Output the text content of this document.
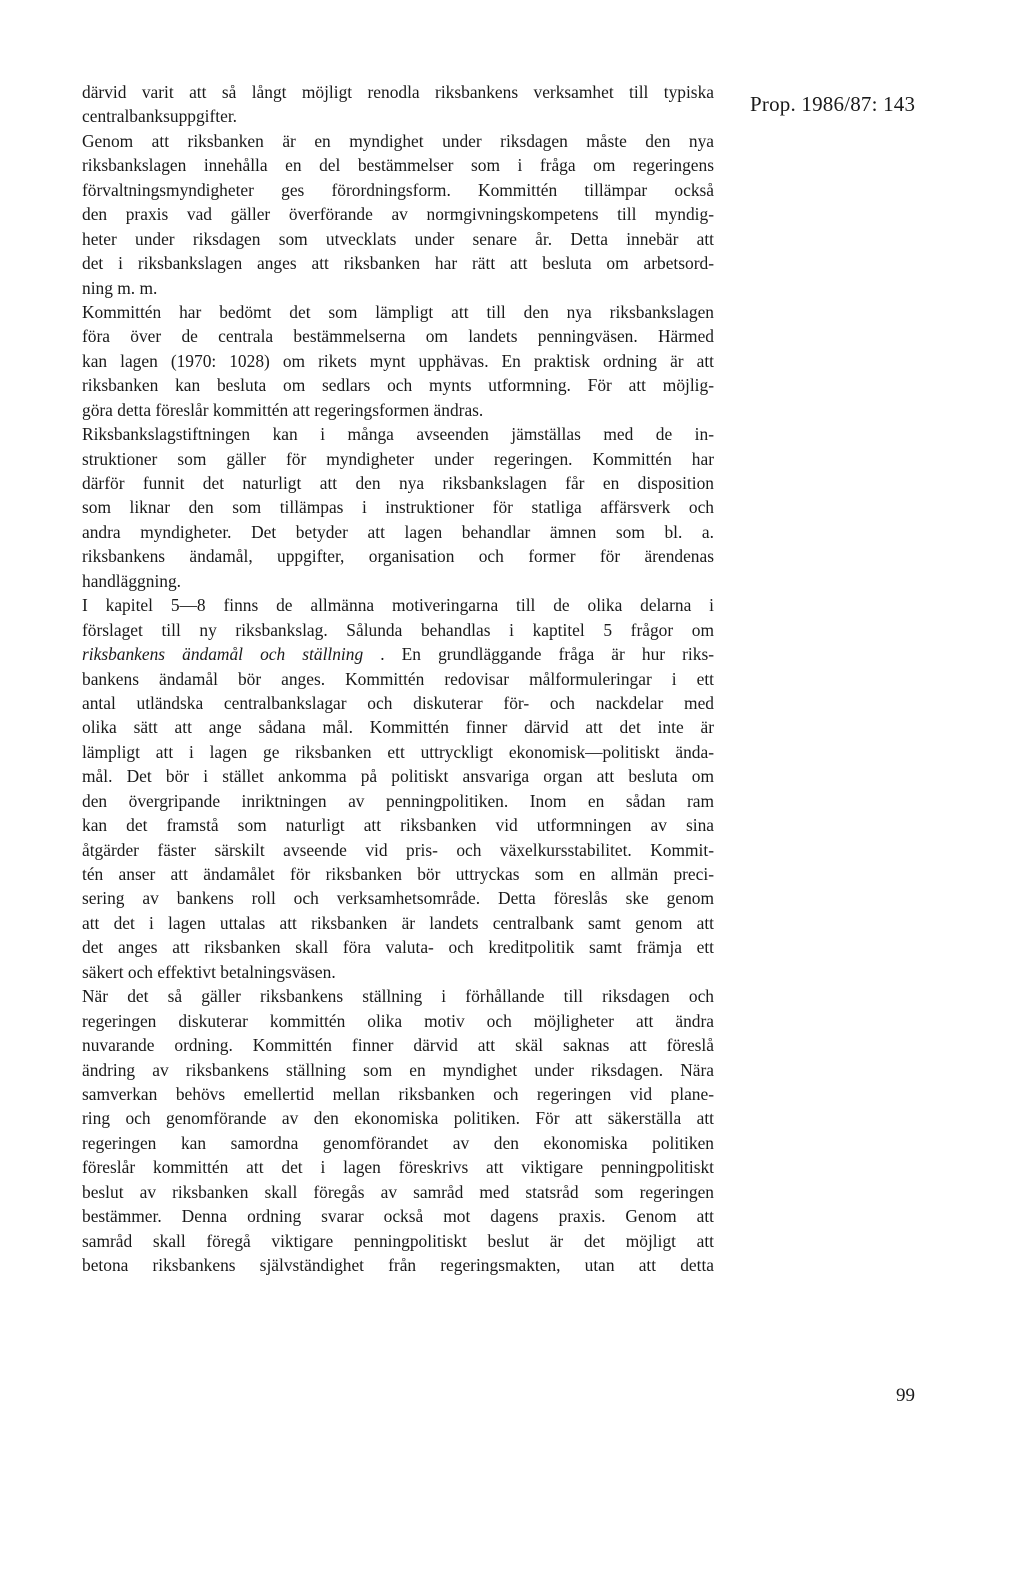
Prop. 1986/87: 143
därvid varit att så långt möjligt renodla riksbankens verksamhet till typiska
centralbanksuppgifter.
Genom att riksbanken är en myndighet under riksdagen måste den nya
riksbankslagen innehålla en del bestämmelser som i fråga om regeringens
förvaltningsmyndigheter ges förordningsform. Kommittén tillämpar också
den praxis vad gäller överförande av normgivningskompetens till myndig-
heter under riksdagen som utvecklats under senare år. Detta innebär att
det i riksbankslagen anges att riksbanken har rätt att besluta om arbetsord-
ning m. m.
Kommittén har bedömt det som lämpligt att till den nya riksbankslagen
föra över de centrala bestämmelserna om landets penningväsen. Härmed
kan lagen (1970: 1028) om rikets mynt upphävas. En praktisk ordning är att
riksbanken kan besluta om sedlars och mynts utformning. För att möjlig-
göra detta föreslår kommittén att regeringsformen ändras.
Riksbankslagstiftningen kan i många avseenden jämställas med de in-
struktioner som gäller för myndigheter under regeringen. Kommittén har
därför funnit det naturligt att den nya riksbankslagen får en disposition
som liknar den som tillämpas i instruktioner för statliga affärsverk och
andra myndigheter. Det betyder att lagen behandlar ämnen som bl. a.
riksbankens ändamål, uppgifter, organisation och former för ärendenas
handläggning.
I kapitel 5—8 finns de allmänna motiveringarna till de olika delarna i
förslaget till ny riksbankslag. Sålunda behandlas i kaptitel 5 frågor om
riksbankens ändamål och ställning . En grundläggande fråga är hur riks-
bankens ändamål bör anges. Kommittén redovisar målformuleringar i ett
antal utländska centralbankslagar och diskuterar för- och nackdelar med
olika sätt att ange sådana mål. Kommittén finner därvid att det inte är
lämpligt att i lagen ge riksbanken ett uttryckligt ekonomisk—politiskt ända-
mål. Det bör i stället ankomma på politiskt ansvariga organ att besluta om
den övergripande inriktningen av penningpolitiken. Inom en sådan ram
kan det framstå som naturligt att riksbanken vid utformningen av sina
åtgärder fäster särskilt avseende vid pris- och växelkursstabilitet. Kommit-
tén anser att ändamålet för riksbanken bör uttryckas som en allmän preci-
sering av bankens roll och verksamhetsområde. Detta föreslås ske genom
att det i lagen uttalas att riksbanken är landets centralbank samt genom att
det anges att riksbanken skall föra valuta- och kreditpolitik samt främja ett
säkert och effektivt betalningsväsen.
När det så gäller riksbankens ställning i förhållande till riksdagen och
regeringen diskuterar kommittén olika motiv och möjligheter att ändra
nuvarande ordning. Kommittén finner därvid att skäl saknas att föreslå
ändring av riksbankens ställning som en myndighet under riksdagen. Nära
samverkan behövs emellertid mellan riksbanken och regeringen vid plane-
ring och genomförande av den ekonomiska politiken. För att säkerställa att
regeringen kan samordna genomförandet av den ekonomiska politiken
föreslår kommittén att det i lagen föreskrivs att viktigare penningpolitiskt
beslut av riksbanken skall föregås av samråd med statsråd som regeringen
bestämmer. Denna ordning svarar också mot dagens praxis. Genom att
samråd skall föregå viktigare penningpolitiskt beslut är det möjligt att
betona riksbankens självständighet från regeringsmakten, utan att detta
99
